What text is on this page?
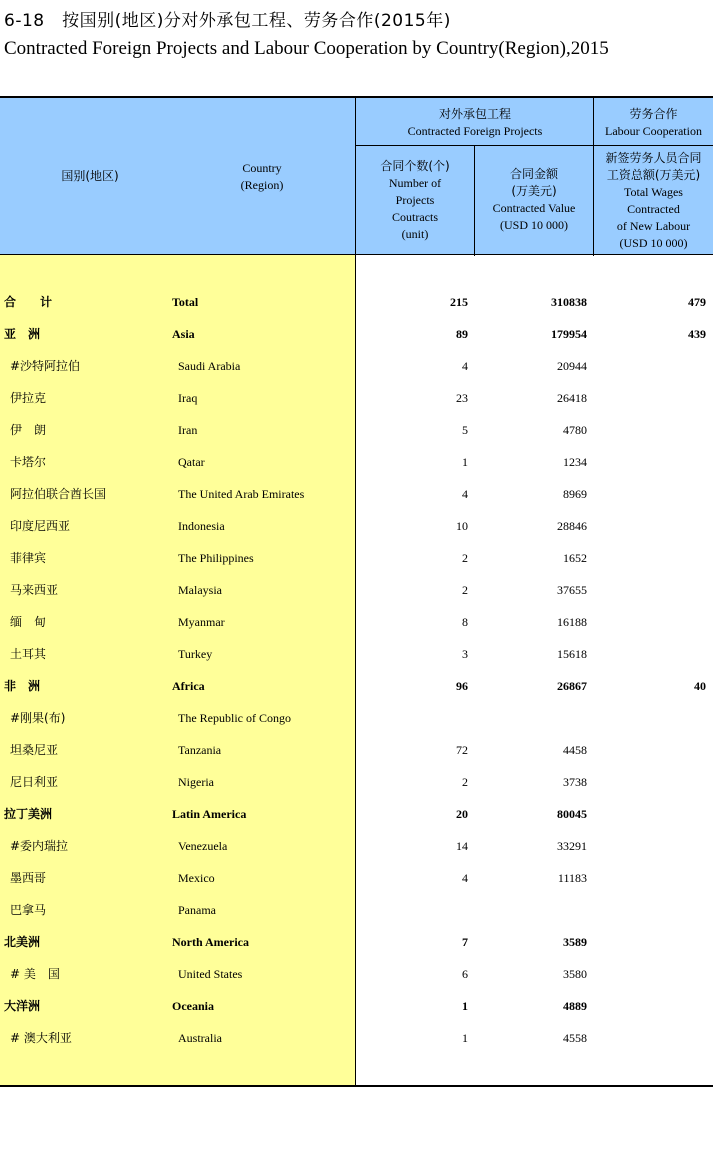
6-18　按国别(地区)分对外承包工程、劳务合作(2015年)
Contracted Foreign Projects and Labour Cooperation by Country(Region),2015
国别(地区)
Country
(Region)
对外承包工程
Contracted Foreign Projects
劳务合作
Labour Cooperation
合同个数(个)
Number of
Projects
Coutracts
(unit)
合同金额
(万美元)
Contracted Value
(USD 10 000)
新签劳务人员合同
工资总额(万美元)
Total Wages
Contracted
of New Labour
(USD 10 000)
合　　计	Total	215	310838	479
亚　洲	Asia	89	179954	439
#沙特阿拉伯	Saudi Arabia	4	20944
伊拉克	Iraq	23	26418
伊　朗	Iran	5	4780
卡塔尔	Qatar	1	1234
阿拉伯联合酋长国	The United Arab Emirates	4	8969
印度尼西亚	Indonesia	10	28846
菲律宾	The Philippines	2	1652
马来西亚	Malaysia	2	37655
缅　甸	Myanmar	8	16188
土耳其	Turkey	3	15618
非　洲	Africa	96	26867	40
#刚果(布)	The Republic of Congo
坦桑尼亚	Tanzania	72	4458
尼日利亚	Nigeria	2	3738
拉丁美洲	Latin America	20	80045
#委内瑞拉	Venezuela	14	33291
墨西哥	Mexico	4	11183
巴拿马	Panama
北美洲	North America	7	3589
# 美　国	United States	6	3580
大洋洲	Oceania	1	4889
# 澳大利亚	Australia	1	4558
